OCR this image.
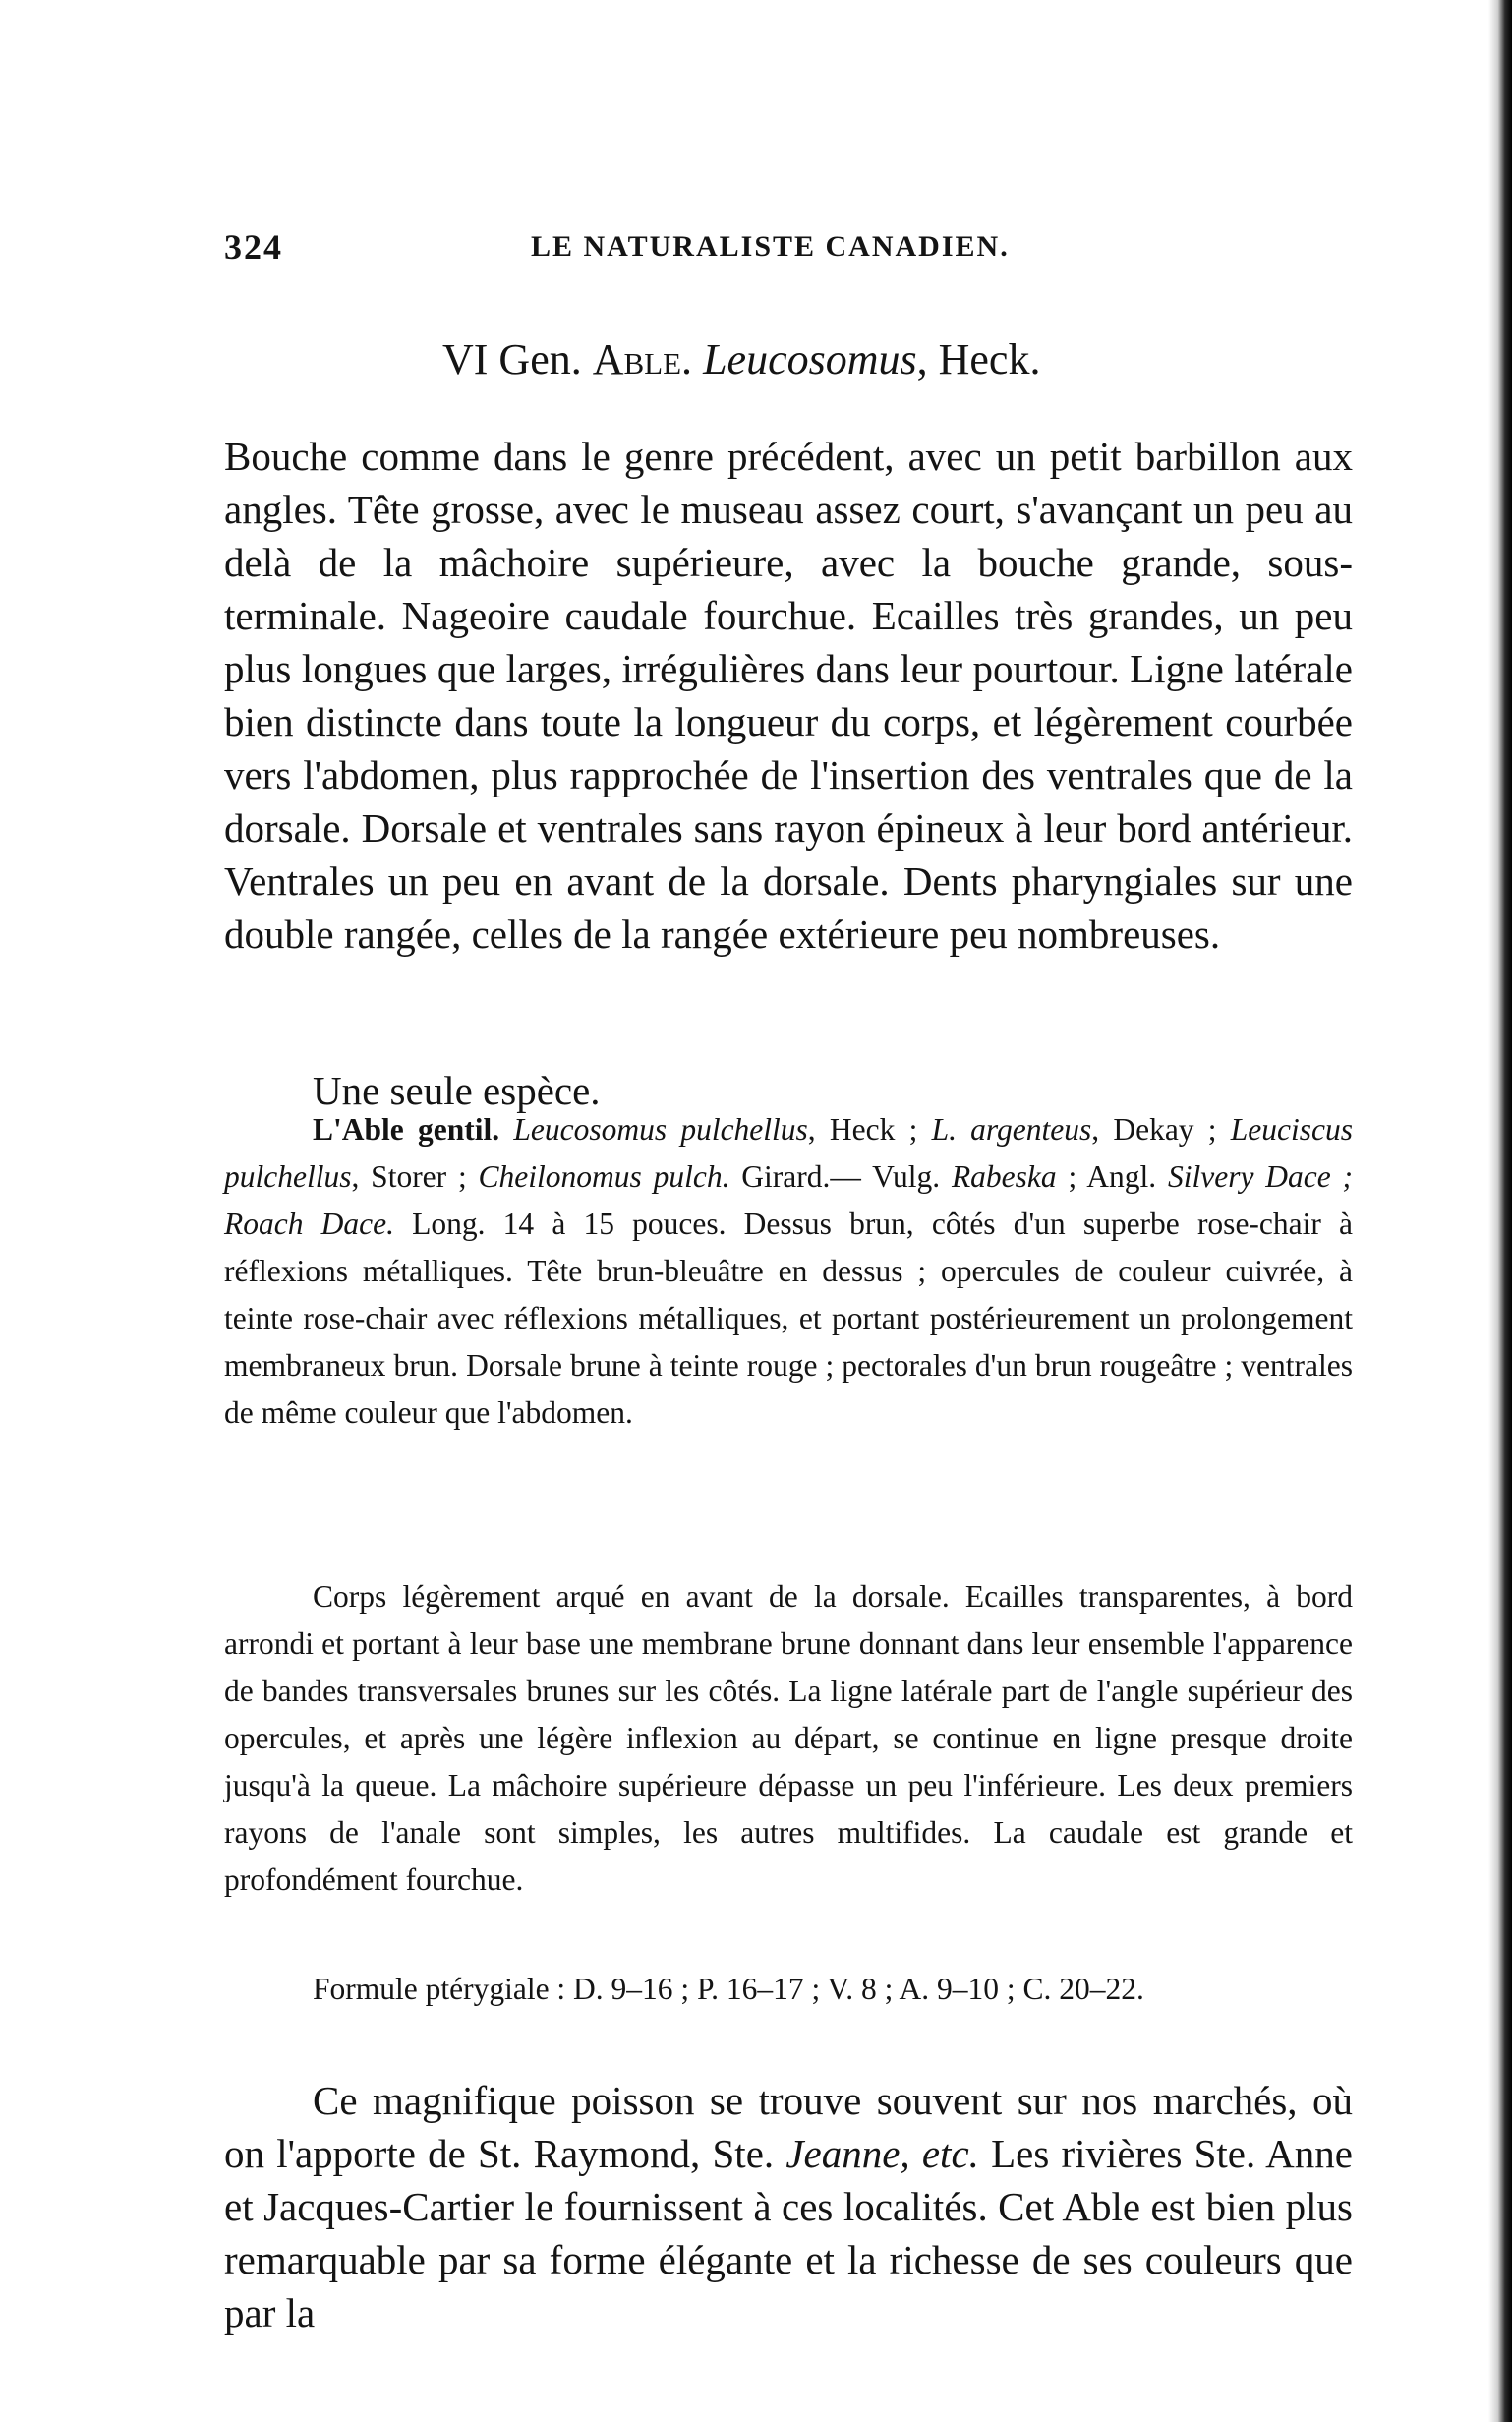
324	LE NATURALISTE CANADIEN.
VI Gen. Able. Leucosomus, Heck.
Bouche comme dans le genre précédent, avec un petit barbillon aux angles. Tête grosse, avec le museau assez court, s'avançant un peu au delà de la mâchoire supérieure, avec la bouche grande, sous-terminale. Nageoire caudale fourchue. Ecailles très grandes, un peu plus longues que larges, irrégulières dans leur pourtour. Ligne latérale bien distincte dans toute la longueur du corps, et légèrement courbée vers l'abdomen, plus rapprochée de l'insertion des ventrales que de la dorsale. Dorsale et ventrales sans rayon épineux à leur bord antérieur. Ventrales un peu en avant de la dorsale. Dents pharyngiales sur une double rangée, celles de la rangée extérieure peu nombreuses.
Une seule espèce.
L'Able gentil. Leucosomus pulchellus, Heck ; L. argenteus, Dekay ; Leuciscus pulchellus, Storer ; Cheilonomus pulch. Girard.— Vulg. Rabeska ; Angl. Silvery Dace ; Roach Dace. Long. 14 à 15 pouces. Dessus brun, côtés d'un superbe rose-chair à réflexions métalliques. Tête brun-bleuâtre en dessus ; opercules de couleur cuivrée, à teinte rose-chair avec réflexions métalliques, et portant postérieurement un prolongement membraneux brun. Dorsale brune à teinte rouge ; pectorales d'un brun rougeâtre ; ventrales de même couleur que l'abdomen.
Corps légèrement arqué en avant de la dorsale. Ecailles transparentes, à bord arrondi et portant à leur base une membrane brune donnant dans leur ensemble l'apparence de bandes transversales brunes sur les côtés. La ligne latérale part de l'angle supérieur des opercules, et après une légère inflexion au départ, se continue en ligne presque droite jusqu'à la queue. La mâchoire supérieure dépasse un peu l'inférieure. Les deux premiers rayons de l'anale sont simples, les autres multifides. La caudale est grande et profondément fourchue.
Formule ptérygiale : D. 9–16 ; P. 16–17 ; V. 8 ; A. 9–10 ; C. 20–22.
Ce magnifique poisson se trouve souvent sur nos marchés, où on l'apporte de St. Raymond, Ste. Jeanne, etc. Les rivières Ste. Anne et Jacques-Cartier le fournissent à ces localités. Cet Able est bien plus remarquable par sa forme élégante et la richesse de ses couleurs que par la
